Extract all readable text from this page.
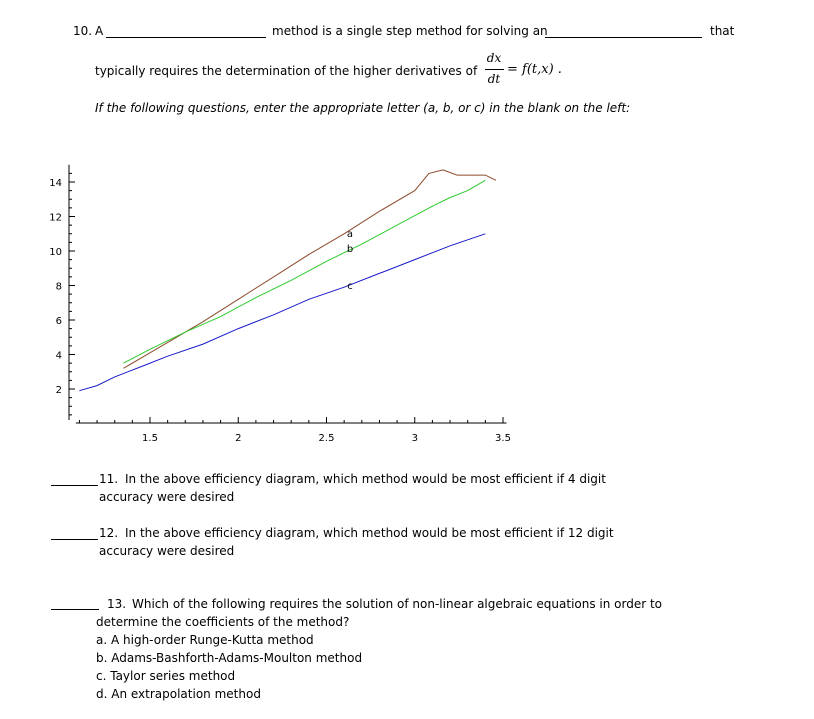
10. A	method is a single step method for solving an	that
typically requires the determination of the higher derivatives of
dx
dt
= f(t,x) .
If the following questions, enter the appropriate letter (a, b, or c) in the blank on the left:
1.5	2	2.5	3	3.5
2
4
6
8
10
12
14
a
b
c
11. In the above efficiency diagram, which method would be most efficient if 4 digit
accuracy were desired
12. In the above efficiency diagram, which method would be most efficient if 12 digit
accuracy were desired
13. Which of the following requires the solution of non-linear algebraic equations in order to
determine the coefficients of the method?
a. A high-order Runge-Kutta method
b. Adams-Bashforth-Adams-Moulton method
c. Taylor series method
d. An extrapolation method
